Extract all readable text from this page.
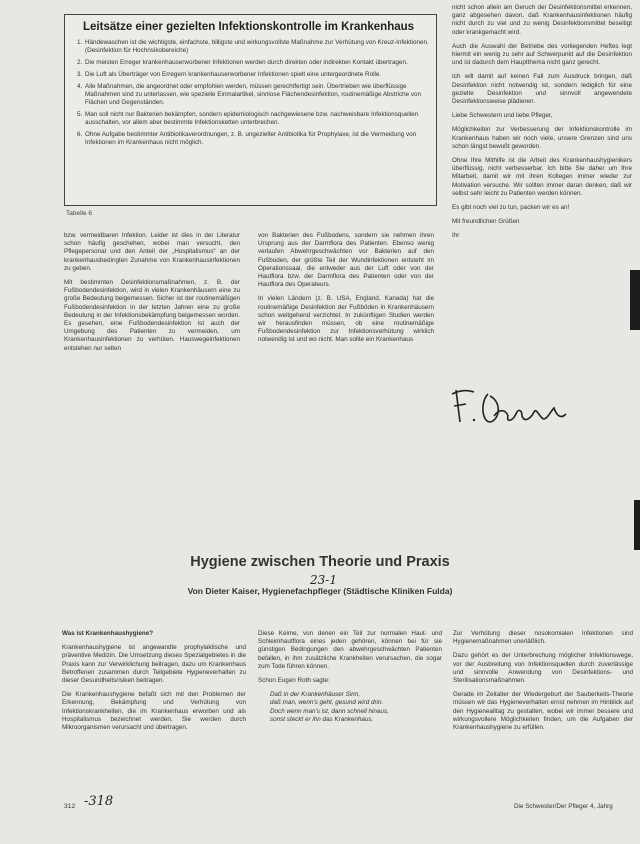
Leitsätze einer gezielten Infektionskontrolle im Krankenhaus
1. Händewaschen ist die wichtigste, einfachste, billigste und wirkungsvollste Maßnahme zur Verhütung von Kreuz-Infektionen. (Desinfektion für Hochrisikobereiche)
2. Die meisten Erreger krankenhauserworbener Infektionen werden durch direkten oder indirekten Kontakt übertragen.
3. Die Luft als Überträger von Erregern krankenhauserworbener Infektionen spielt eine untergeordnete Rolle.
4. Alle Maßnahmen, die angeordnet oder empfohlen werden, müssen gerechtfertigt sein. Übertrieben wie überflüssige Maßnahmen sind zu unterlassen, wie spezielle Einmalartikel, sinnlose Flächendesinfektion, routinemäßige Abstriche von Flächen und Gegenständen.
5. Man soll nicht nur Bakterien bekämpfen, sondern epidemiologisch nachgewiesene bzw. nachweisbare Infektionsquellen ausschalten, vor allem aber bestimmte Infektionsketten unterbrechen.
6. Ohne Aufgabe bestimmter Antibiotikaverordnungen, z. B. ungezielter Antibiotika für Prophylaxe, ist die Vermeidung von Infektionen im Krankenhaus nicht möglich.
Tabelle 6

bzw. vermeidbaren Infektion. Leider ist dies in der Literatur schon häufig geschehen, wobei man versucht, den Pflegepersonal und den Anteil der „Hospitalismus“ an der krankenhausbedingten Zunahme von Krankenhausinfektionen zu geben.

Mit bestimmten Desinfektionsmaßnahmen, z. B. der Fußbodendesinfektion, wird in vielen Krankenhäusern eine zu große Bedeutung beigemessen. Sicher ist der routinemäßigen Fußbodendesinfektion in der letzten Jahren eine zu große Bedeutung in der Infektionsbekämpfung beigemessen worden. Es gesehen, eine Fußbodendesinfektion ist auch der Umgebung des Patienten zu vermeiden, um Krankenhausinfektionen zu verhüten. Hauswegeinfektionen entstehen nur selten

von Bakterien des Fußbodens, sondern sie nehmen ihren Ursprung aus der Darmflora des Patienten. Ebenso wenig verlaufen Abwehrgeschwächten vor Bakterien auf den Fußboden, der größte Teil der Wundinfektionen entsteht im Operationssaal, die entweder aus der Luft oder von der Hautflora bzw. der Darmflora des Patienten oder von der Hautflora des Operateurs.

In vielen Ländern (z. B. USA, England, Kanada) hat die routinemäßige Desinfektion der Fußböden in Krankenhäusern schon weitgehend verzichtet. In zukünftigen Studien werden wir herausfinden müssen, ob eine routinemäßige Fußbodendesinfektion zur Infektionsverhütung wirklich notwendig ist und wo nicht. Man sollte ein Krankenhaus

nicht schon allein am Geruch der Desinfektionsmittel erkennen, ganz abgesehen davon, daß Krankenhausinfektionen häufig nicht durch zu viel und zu wenig Desinfektionsmittel beseitigt oder krankgemacht wird.

Auch die Auswahl der Betriebe des vorliegenden Heftes legt hiermit ein wenig zu sehr auf Schwerpunkt auf die Desinfektion und ist dadurch dem Hauptthema nicht ganz gerecht.

Ich will damit auf keinen Fall zum Ausdruck bringen, daß Desinfektion nicht notwendig ist, sondern lediglich für eine gezielte Desinfektion und sinnvoll angewendete Desinfektionsweise plädieren.

Liebe Schwestern und liebe Pfleger,

Möglichkeiten zur Verbesserung der Infektionskontrolle im Krankenhaus haben wir noch viele, unsere Grenzen sind uns schon längst bewußt geworden.

Ohne Ihre Mithilfe ist die Arbeit des Krankenhaushygienikers überflüssig, nicht verbesserbar. Ich bitte Sie daher um Ihre Mitarbeit, damit wir mit ihren Kollegen immer wieder zur Motivation versuche. Wir sollten immer daran denken, daß wir selbst sehr leicht zu Patienten werden können.

Es gibt noch viel zu tun, packen wir es an!

Mit freundlichen Grüßen

Ihr

23-1
Hygiene zwischen Theorie und Praxis
Von Dieter Kaiser, Hygienefachpfleger (Städtische Kliniken Fulda)

Was ist Krankenhaushygiene?

Krankenhaushygiene ist angewandte prophylaktische und präventive Medizin. Die Umsetzung dieses Spezialgebietes in die Praxis kann zur Verwirklichung beitragen, dazu um Krankenhaus Betroffenen zusammen durch Teilgebiete Hygieneverhalten zu dieser Gesundheitsrisiken beitragen.

Die Krankenhaushygiene befaßt sich mit den Problemen der Erkennung, Bekämpfung und Verhütung von Infektionskrankheiten, die im Krankenhaus erworben und als Hospitalismus bezeichnet werden. Sie werden durch Mikroorganismen verursacht und übertragen.

Diese Keime, von denen ein Teil zur normalen Haut- und Schleimhautflora eines jeden gehören, können bei für sie günstigen Bedingungen den abwehrgeschwächten Patienten befallen, in ihm zusätzliche Krankheiten verursachen, die sogar zum Tode führen können.

Schon Eugen Roth sagte:

Daß in der Krankenhäuser Sinn,
daß man, wenn's geht, gesund wird drin.
Doch wenn man's ist, dann schnell hinaus,
sonst steckt er ihn das Krankenhaus.

Zur Verhütung dieser nosokomialen Infektionen sind Hygienemaßnahmen unerläßlich.

Dazu gehört es der Unterbrechung möglicher Infektionswege, vor der Ausbreitung von Infektionsquellen durch zuverlässige und sinnvolle Anwendung von Desinfektions- und Sterilisationsmaßnahmen.

Gerade im Zeitalter der Wiedergeburt der Sauberkeits-Theorie müssen wir das Hygieneverhalten ernst nehmen im Hinblick auf den Hygienealltag zu gestalten, wobei wir immer bessere und wirkungsvollere Möglichkeiten finden, um die Aufgaben der Krankenhaushygiene zu erfüllen.

312 -318	Die Schwester/Der Pfleger 4, Jahrg
